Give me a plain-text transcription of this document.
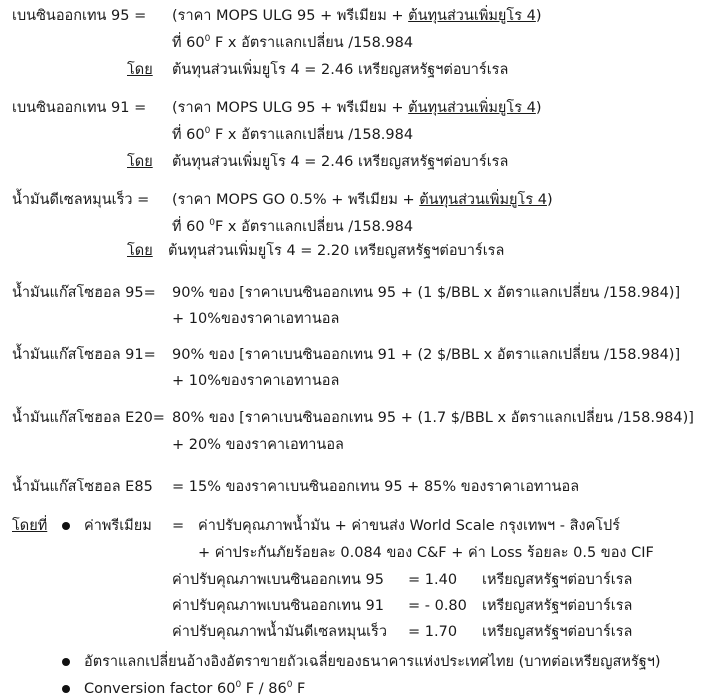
เบนซินออกเทน 95 = (ราคา MOPS ULG 95 + พรีเมียม + ต้นทุนส่วนเพิ่มยูโร 4)
ที่ $60^0$ F x อัตราแลกเปลี่ยน /158.984
โดย ต้นทุนส่วนเพิ่มยูโร 4 = 2.46 เหรียญสหรัฐฯต่อบาร์เรล
เบนซินออกเทน 91 = (ราคา MOPS ULG 95 + พรีเมียม + ต้นทุนส่วนเพิ่มยูโร 4)
ที่ $60^0$ F x อัตราแลกเปลี่ยน /158.984
โดย ต้นทุนส่วนเพิ่มยูโร 4 = 2.46 เหรียญสหรัฐฯต่อบาร์เรล
น้ำมันดีเซลหมุนเร็ว = (ราคา MOPS GO 0.5% + พรีเมียม + ต้นทุนส่วนเพิ่มยูโร 4)
ที่ 60 $^0$F x อัตราแลกเปลี่ยน /158.984
โดย ต้นทุนส่วนเพิ่มยูโร 4 = 2.20 เหรียญสหรัฐฯต่อบาร์เรล
น้ำมันแก๊สโซฮอล 95= 90% ของ [ราคาเบนซินออกเทน 95 + (1 $/BBL x อัตราแลกเปลี่ยน /158.984)]
+ 10%ของราคาเอทานอล
น้ำมันแก๊สโซฮอล 91= 90% ของ [ราคาเบนซินออกเทน 91 + (2 $/BBL x อัตราแลกเปลี่ยน /158.984)]
+ 10%ของราคาเอทานอล
น้ำมันแก๊สโซฮอล E20= 80% ของ [ราคาเบนซินออกเทน 95 + (1.7 $/BBL x อัตราแลกเปลี่ยน /158.984)]
+ 20% ของราคาเอทานอล
น้ำมันแก๊สโซฮอล E85 = 15% ของราคาเบนซินออกเทน 95 + 85% ของราคาเอทานอล
โดยที่	ค่าพรีเมียม = ค่าปรับคุณภาพน้ำมัน + ค่าขนส่ง World Scale กรุงเทพฯ - สิงคโปร์
+ ค่าประกันภัยร้อยละ 0.084 ของ C&F + ค่า Loss ร้อยละ 0.5 ของ CIF
ค่าปรับคุณภาพเบนซินออกเทน 95 = 1.40 เหรียญสหรัฐฯต่อบาร์เรล
ค่าปรับคุณภาพเบนซินออกเทน 91 = - 0.80 เหรียญสหรัฐฯต่อบาร์เรล
ค่าปรับคุณภาพน้ำมันดีเซลหมุนเร็ว = 1.70 เหรียญสหรัฐฯต่อบาร์เรล
อัตราแลกเปลี่ยนอ้างอิงอัตราขายถัวเฉลี่ยของธนาคารแห่งประเทศไทย (บาทต่อเหรียญสหรัฐฯ)
Conversion factor $60^0$ F / $86^0$ F
